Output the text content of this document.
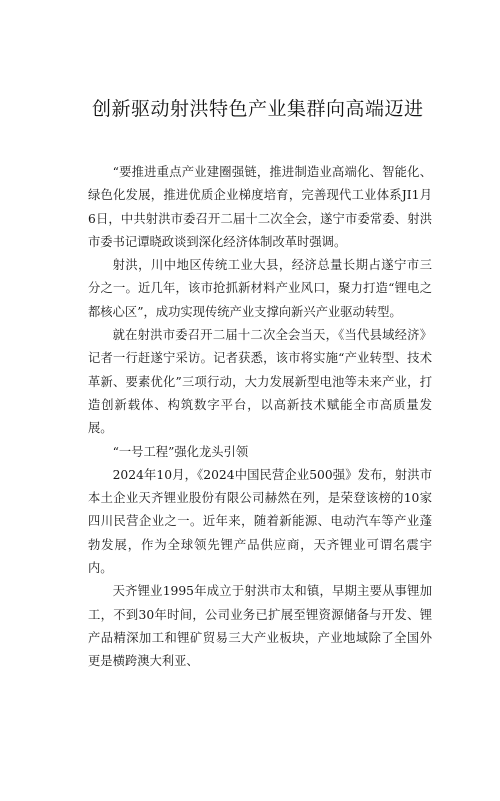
创新驱动射洪特色产业集群向高端迈进

“要推进重点产业建圈强链，推进制造业高端化、智能化、绿色化发展，推进优质企业梯度培育，完善现代工业体系JI1月6日，中共射洪市委召开二届十二次全会，遂宁市委常委、射洪市委书记谭晓政谈到深化经济体制改革时强调。

射洪，川中地区传统工业大县，经济总量长期占遂宁市三分之一。近几年，该市抢抓新材料产业风口，聚力打造“锂电之都核心区”，成功实现传统产业支撑向新兴产业驱动转型。

就在射洪市委召开二届十二次全会当天，《当代县域经济》记者一行赶遂宁采访。记者获悉，该市将实施“产业转型、技术革新、要素优化”三项行动，大力发展新型电池等未来产业，打造创新载体、构筑数字平台，以高新技术赋能全市高质量发展。

“一号工程”强化龙头引领

2024年10月，《2024中国民营企业500强》发布，射洪市本土企业天齐锂业股份有限公司赫然在列，是荣登该榜的10家四川民营企业之一。近年来，随着新能源、电动汽车等产业蓬勃发展，作为全球领先锂产品供应商，天齐锂业可谓名震宇内。

天齐锂业1995年成立于射洪市太和镇，早期主要从事锂加工，不到30年时间，公司业务已扩展至锂资源储备与开发、锂产品精深加工和锂矿贸易三大产业板块，产业地域除了全国外更是横跨澳大利亚、
